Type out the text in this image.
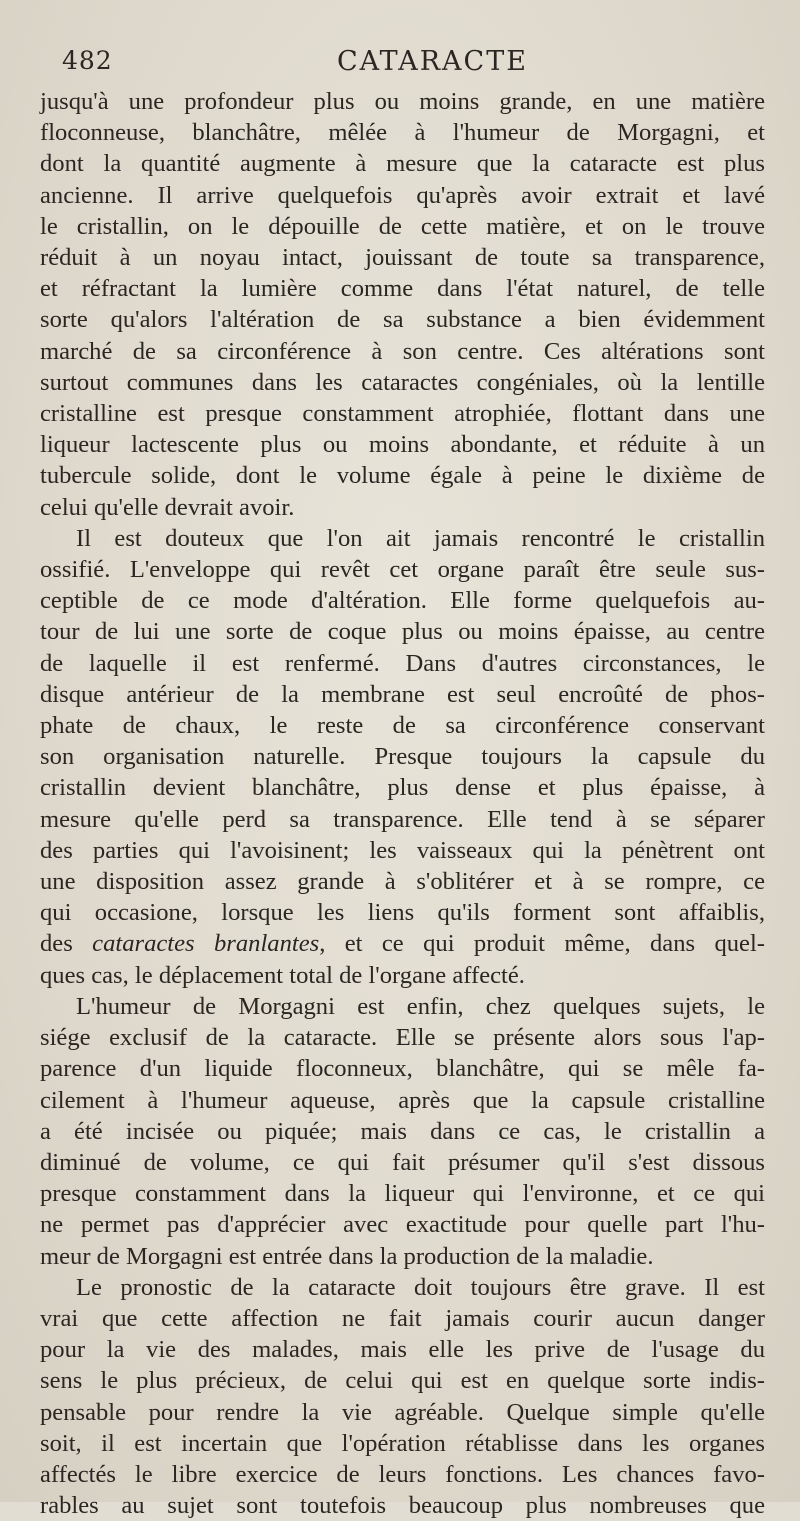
482	CATARACTE

jusqu'à une profondeur plus ou moins grande, en une matière
floconneuse, blanchâtre, mêlée à l'humeur de Morgagni, et
dont la quantité augmente à mesure que la cataracte est plus
ancienne. Il arrive quelquefois qu'après avoir extrait et lavé
le cristallin, on le dépouille de cette matière, et on le trouve
réduit à un noyau intact, jouissant de toute sa transparence,
et réfractant la lumière comme dans l'état naturel, de telle
sorte qu'alors l'altération de sa substance a bien évidemment
marché de sa circonférence à son centre. Ces altérations sont
surtout communes dans les cataractes congéniales, où la lentille
cristalline est presque constamment atrophiée, flottant dans une
liqueur lactescente plus ou moins abondante, et réduite à un
tubercule solide, dont le volume égale à peine le dixième de
celui qu'elle devrait avoir.

Il est douteux que l'on ait jamais rencontré le cristallin
ossifié. L'enveloppe qui revêt cet organe paraît être seule sus-
ceptible de ce mode d'altération. Elle forme quelquefois au-
tour de lui une sorte de coque plus ou moins épaisse, au centre
de laquelle il est renfermé. Dans d'autres circonstances, le
disque antérieur de la membrane est seul encroûté de phos-
phate de chaux, le reste de sa circonférence conservant
son organisation naturelle. Presque toujours la capsule du
cristallin devient blanchâtre, plus dense et plus épaisse, à
mesure qu'elle perd sa transparence. Elle tend à se séparer
des parties qui l'avoisinent; les vaisseaux qui la pénètrent ont
une disposition assez grande à s'oblitérer et à se rompre, ce
qui occasione, lorsque les liens qu'ils forment sont affaiblis,
des cataractes branlantes, et ce qui produit même, dans quel-
ques cas, le déplacement total de l'organe affecté.

L'humeur de Morgagni est enfin, chez quelques sujets, le
siége exclusif de la cataracte. Elle se présente alors sous l'ap-
parence d'un liquide floconneux, blanchâtre, qui se mêle fa-
cilement à l'humeur aqueuse, après que la capsule cristalline
a été incisée ou piquée; mais dans ce cas, le cristallin a
diminué de volume, ce qui fait présumer qu'il s'est dissous
presque constamment dans la liqueur qui l'environne, et ce qui
ne permet pas d'apprécier avec exactitude pour quelle part l'hu-
meur de Morgagni est entrée dans la production de la maladie.

Le pronostic de la cataracte doit toujours être grave. Il est
vrai que cette affection ne fait jamais courir aucun danger
pour la vie des malades, mais elle les prive de l'usage du
sens le plus précieux, de celui qui est en quelque sorte indis-
pensable pour rendre la vie agréable. Quelque simple qu'elle
soit, il est incertain que l'opération rétablisse dans les organes
affectés le libre exercice de leurs fonctions. Les chances favo-
rables au sujet sont toutefois beaucoup plus nombreuses que
